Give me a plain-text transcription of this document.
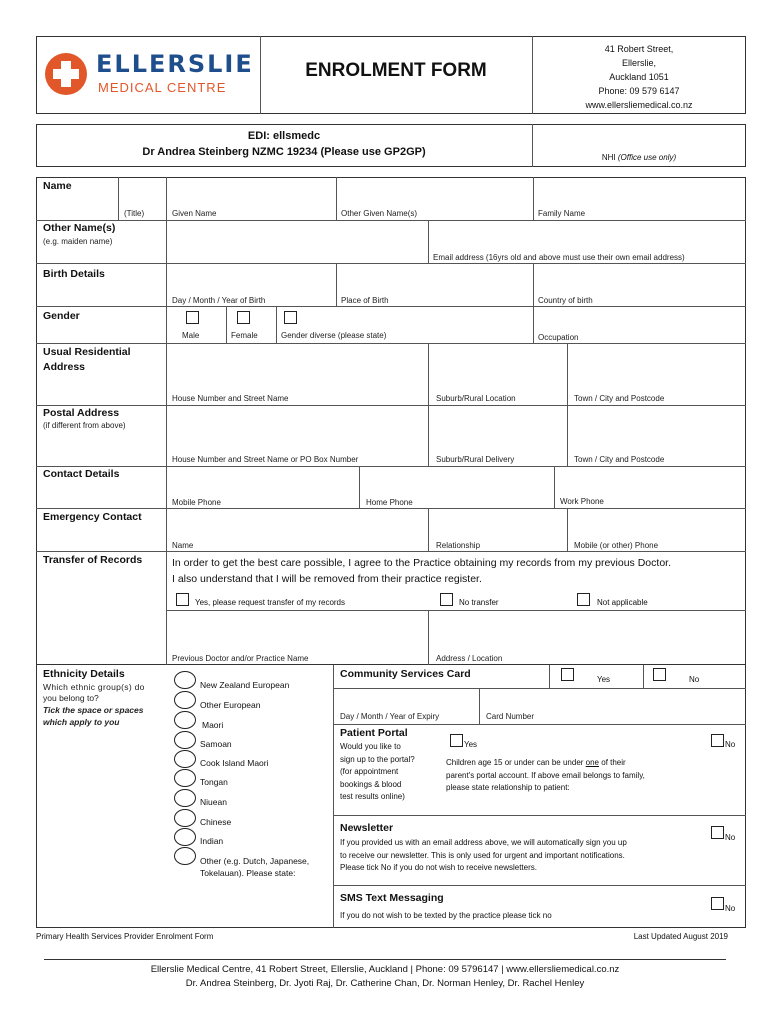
ELLERSLIE
MEDICAL CENTRE
ENROLMENT FORM
41 Robert Street,
Ellerslie,
Auckland 1051
Phone: 09 579 6147
www.ellersliemedical.co.nz
EDI: ellsmedc
Dr Andrea Steinberg NZMC 19234 (Please use GP2GP)	NHI (Office use only)
Name
(Title)	Given Name	Other Given Name(s)	Family Name
Other Name(s)
(e.g. maiden name)
Email address (16yrs old and above must use their own email address)
Birth Details
Day / Month / Year of Birth	Place of Birth	Country of birth
Gender
Male	Female	Gender diverse (please state)	Occupation
Usual Residential
Address
House Number and Street Name	Suburb/Rural Location	Town / City and Postcode
Postal Address
(if different from above)
House Number and Street Name or PO Box Number	Suburb/Rural Delivery	Town / City and Postcode
Contact Details
Mobile Phone	Home Phone	Work Phone
Emergency Contact
Name	Relationship	Mobile (or other) Phone
Transfer of Records	In order to get the best care possible, I agree to the Practice obtaining my records from my previous Doctor.
I also understand that I will be removed from their practice register.
Yes, please request transfer of my records	No transfer	Not applicable
Previous Doctor and/or Practice Name	Address / Location
Ethnicity Details
Which ethnic group(s) do
you belong to?
Tick the space or spaces
which apply to you
New Zealand European
Other European
Maori
Samoan
Cook Island Maori
Tongan
Niuean
Chinese
Indian
Other (e.g. Dutch, Japanese,
Tokelauan). Please state:
Community Services Card	Yes	No
Day / Month / Year of Expiry	Card Number
Patient Portal
Would you like to
sign up to the portal?
(for appointment
bookings & blood
test results online)
Yes	No
Children age 15 or under can be under one of their
parent's portal account. If above email belongs to family,
please state relationship to patient:
Newsletter
If you provided us with an email address above, we will automatically sign you up
to receive our newsletter. This is only used for urgent and important notifications.
Please tick No if you do not wish to receive newsletters.
No
SMS Text Messaging
If you do not wish to be texted by the practice please tick no
No
Primary Health Services Provider Enrolment Form	Last Updated August 2019
Ellerslie Medical Centre, 41 Robert Street, Ellerslie, Auckland | Phone: 09 5796147 | www.ellersliemedical.co.nz
Dr. Andrea Steinberg, Dr. Jyoti Raj, Dr. Catherine Chan, Dr. Norman Henley, Dr. Rachel Henley
